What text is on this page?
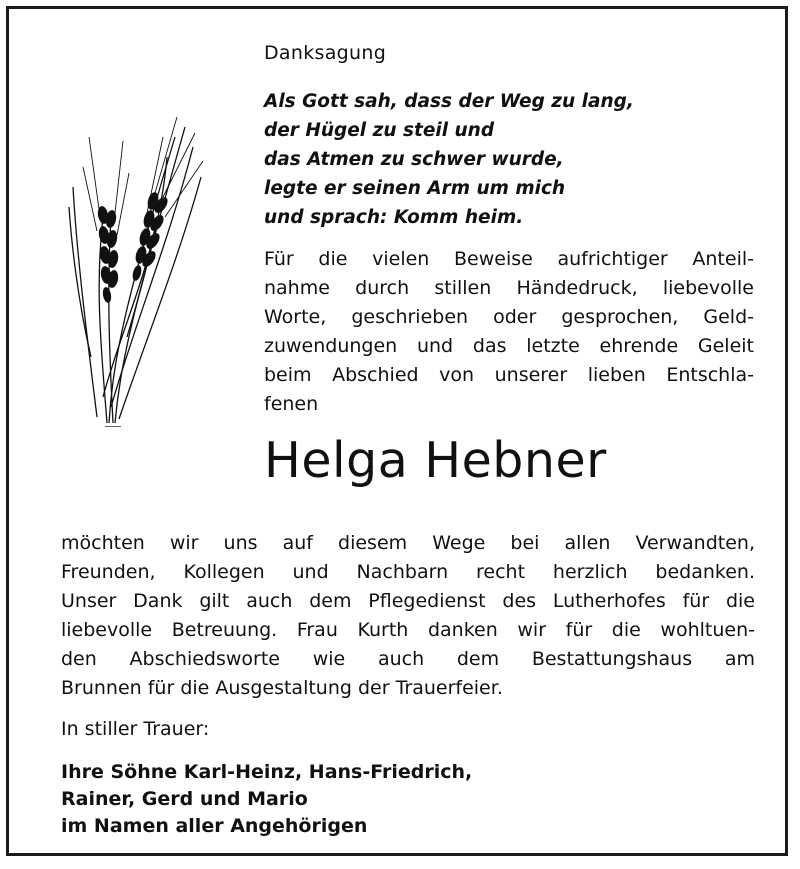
Danksagung
Als Gott sah, dass der Weg zu lang,
der Hügel zu steil und
das Atmen zu schwer wurde,
legte er seinen Arm um mich
und sprach: Komm heim.
Für die vielen Beweise aufrichtiger Anteil-
nahme durch stillen Händedruck, liebevolle
Worte, geschrieben oder gesprochen, Geld-
zuwendungen und das letzte ehrende Geleit
beim Abschied von unserer lieben Entschla-
fenen
Helga Hebner
möchten wir uns auf diesem Wege bei allen Verwandten,
Freunden, Kollegen und Nachbarn recht herzlich bedanken.
Unser Dank gilt auch dem Pflegedienst des Lutherhofes für die
liebevolle Betreuung. Frau Kurth danken wir für die wohltuen-
den Abschiedsworte wie auch dem Bestattungshaus am
Brunnen für die Ausgestaltung der Trauerfeier.
In stiller Trauer:
Ihre Söhne Karl-Heinz, Hans-Friedrich,
Rainer, Gerd und Mario
im Namen aller Angehörigen
